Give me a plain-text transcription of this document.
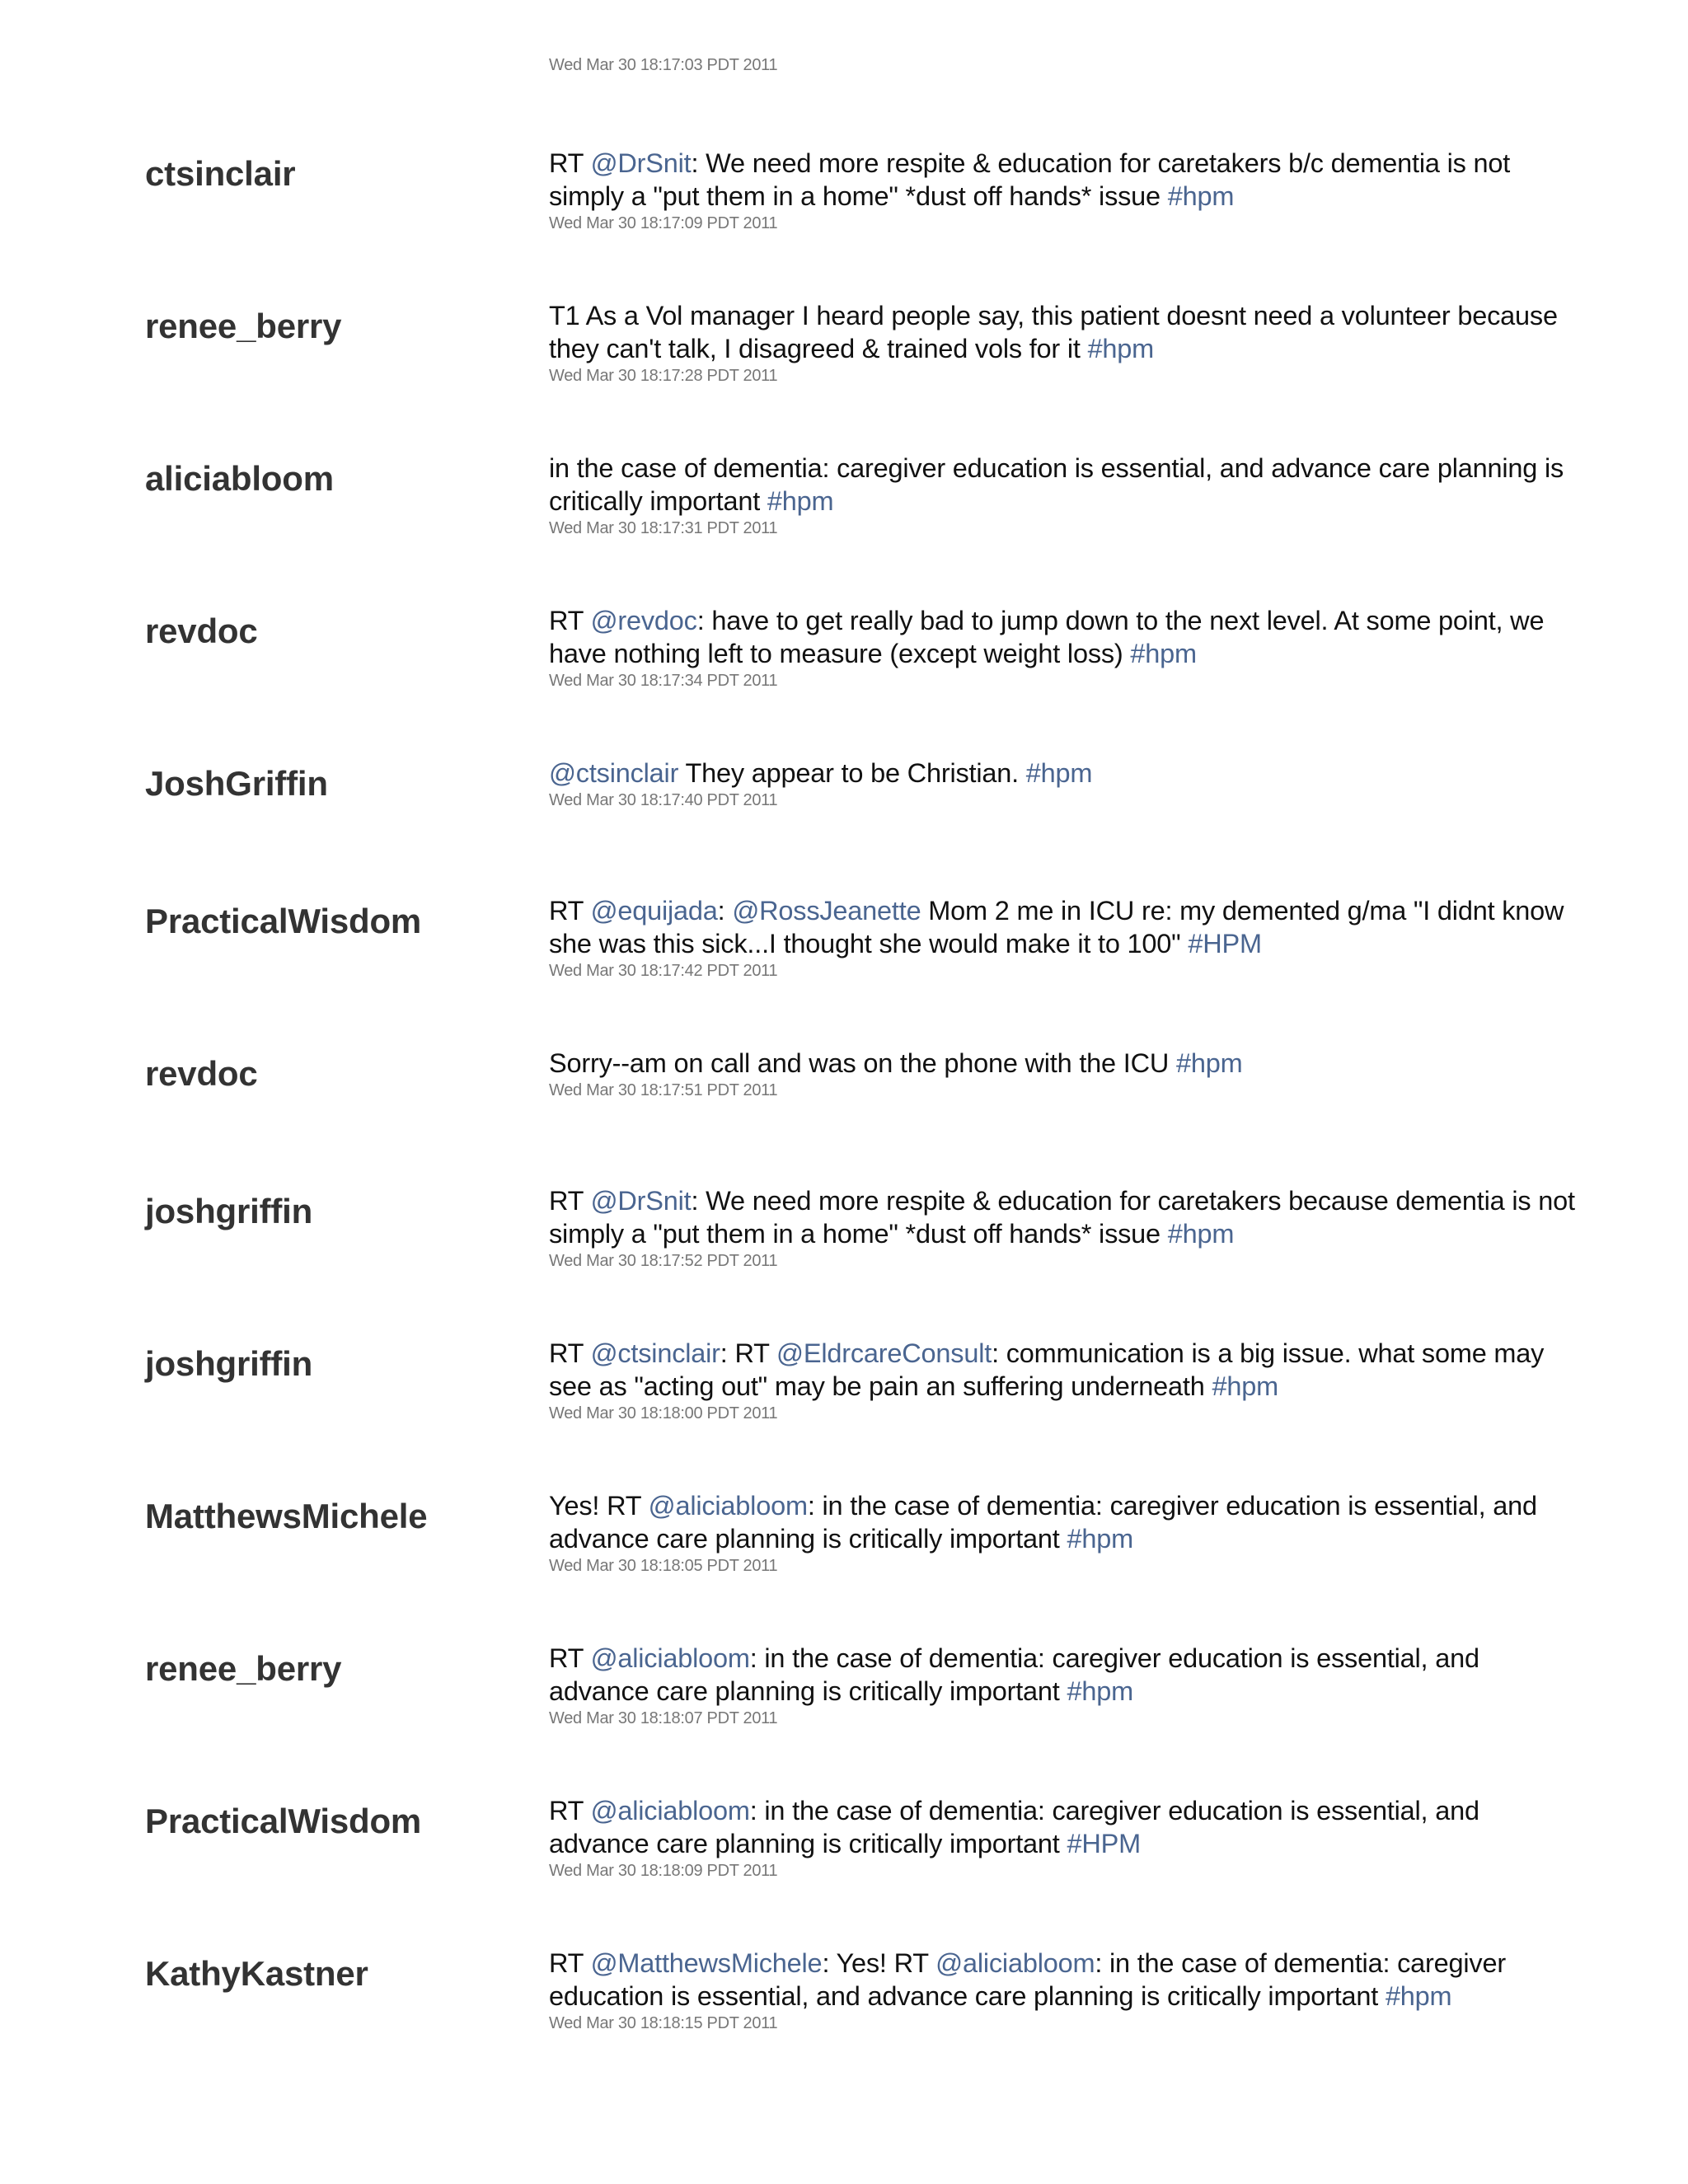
Wed Mar 30 18:17:03 PDT 2011
ctsinclair	RT @DrSnit: We need more respite & education for caretakers b/c dementia is not simply a "put them in a home" *dust off hands* issue #hpm
Wed Mar 30 18:17:09 PDT 2011
renee_berry	T1 As a Vol manager I heard people say, this patient doesnt need a volunteer because they can't talk, I disagreed & trained vols for it #hpm
Wed Mar 30 18:17:28 PDT 2011
aliciabloom	in the case of dementia: caregiver education is essential, and advance care planning is critically important #hpm
Wed Mar 30 18:17:31 PDT 2011
revdoc	RT @revdoc: have to get really bad to jump down to the next level. At some point, we have nothing left to measure (except weight loss) #hpm
Wed Mar 30 18:17:34 PDT 2011
JoshGriffin	@ctsinclair They appear to be Christian. #hpm
Wed Mar 30 18:17:40 PDT 2011
PracticalWisdom	RT @equijada: @RossJeanette Mom 2 me in ICU re: my demented g/ma "I didnt know she was this sick...I thought she would make it to 100" #HPM
Wed Mar 30 18:17:42 PDT 2011
revdoc	Sorry--am on call and was on the phone with the ICU #hpm
Wed Mar 30 18:17:51 PDT 2011
joshgriffin	RT @DrSnit: We need more respite & education for caretakers because dementia is not simply a "put them in a home" *dust off hands* issue #hpm
Wed Mar 30 18:17:52 PDT 2011
joshgriffin	RT @ctsinclair: RT @EldrcareConsult: communication is a big issue. what some may see as "acting out" may be pain an suffering underneath #hpm
Wed Mar 30 18:18:00 PDT 2011
MatthewsMichele	Yes! RT @aliciabloom: in the case of dementia: caregiver education is essential, and advance care planning is critically important #hpm
Wed Mar 30 18:18:05 PDT 2011
renee_berry	RT @aliciabloom: in the case of dementia: caregiver education is essential, and advance care planning is critically important #hpm
Wed Mar 30 18:18:07 PDT 2011
PracticalWisdom	RT @aliciabloom: in the case of dementia: caregiver education is essential, and advance care planning is critically important #HPM
Wed Mar 30 18:18:09 PDT 2011
KathyKastner	RT @MatthewsMichele: Yes! RT @aliciabloom: in the case of dementia: caregiver education is essential, and advance care planning is critically important #hpm
Wed Mar 30 18:18:15 PDT 2011
